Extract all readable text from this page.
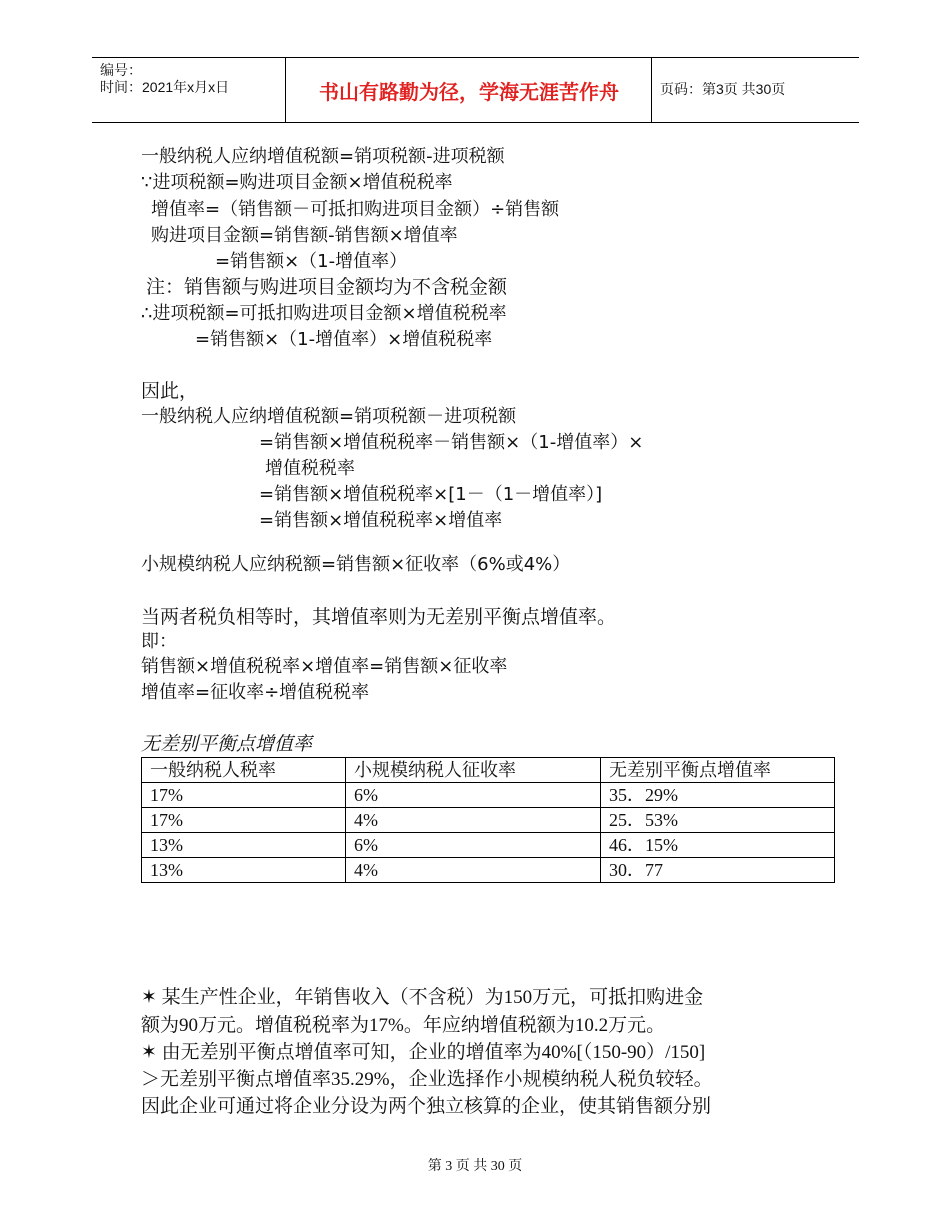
编号：
时间：2021年x月x日	书山有路勤为径，学海无涯苦作舟	页码：第3页 共30页
一般纳税人应纳增值税额=销项税额-进项税额
∵进项税额=购进项目金额×增值税税率
增值率=（销售额－可抵扣购进项目金额）÷销售额
购进项目金额=销售额-销售额×增值率
=销售额×（1-增值率）
注：销售额与购进项目金额均为不含税金额
∴进项税额=可抵扣购进项目金额×增值税税率
=销售额×（1-增值率）×增值税税率
因此，
一般纳税人应纳增值税额=销项税额－进项税额
=销售额×增值税税率－销售额×（1-增值率）×
增值税税率
=销售额×增值税税率×[1－（1－增值率）]
=销售额×增值税税率×增值率
小规模纳税人应纳税额=销售额×征收率（6%或4%）
当两者税负相等时，其增值率则为无差别平衡点增值率。
即：
销售额×增值税税率×增值率=销售额×征收率
增值率=征收率÷增值税税率
无差别平衡点增值率
一般纳税人税率	小规模纳税人征收率	无差别平衡点增值率
17%	6%	35．29%
17%	4%	25．53%
13%	6%	46．15%
13%	4%	30．77
✶ 某生产性企业，年销售收入（不含税）为150万元，可抵扣购进金
额为90万元。增值税税率为17%。年应纳增值税额为10.2万元。
✶ 由无差别平衡点增值率可知，企业的增值率为40%[（150-90）/150]
＞无差别平衡点增值率35.29%，企业选择作小规模纳税人税负较轻。
因此企业可通过将企业分设为两个独立核算的企业，使其销售额分别
第 3 页 共 30 页
